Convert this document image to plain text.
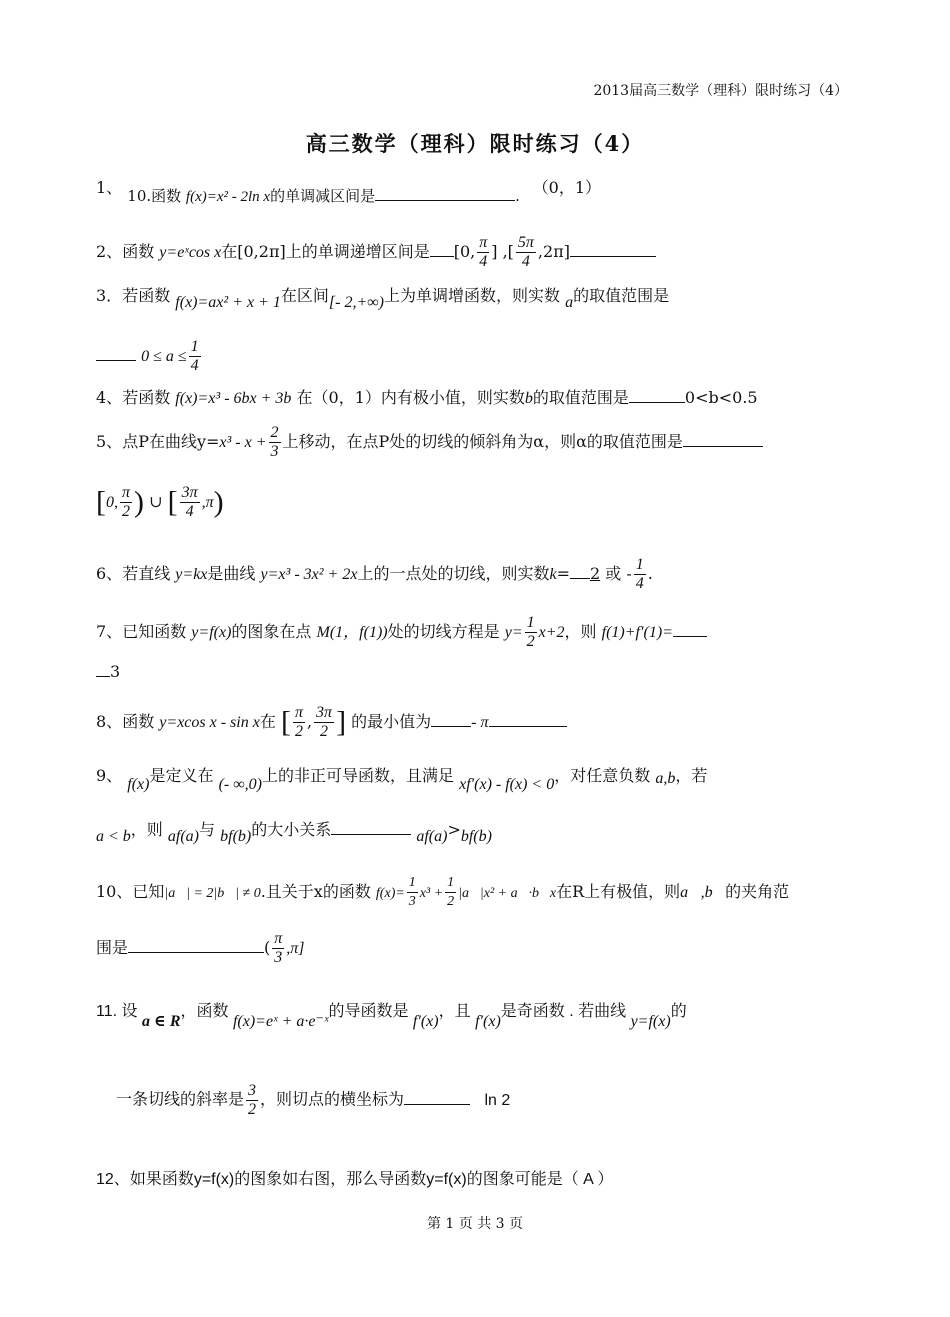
2013届高三数学（理科）限时练习（4）
高三数学（理科）限时练习（4）
1、 10.函数 f(x)=x² - 2ln x的单调减区间是	. （0，1）
2、函数 y=eˣcos x在[0,2π]上的单调递增区间是 [0, $\frac{\pi}{4}$ ] ,[ $\frac{5\pi}{4} ,2\pi$]
3．若函数 f(x)=ax² + x + 1在区间[- 2,+∞)上为单调增函数，则实数 a的取值范围是
$0 \le a \le \frac{1}{4}$
4、若函数 f(x)=x³ - 6bx + 3b 在（0，1）内有极小值，则实数b的取值范围是	0<b<0.5
5、点P在曲线$y=x^3 - x + \frac{2}{3}$ 上移动，在点P处的切线的倾斜角为α，则α的取值范围是
[0, $\frac{\pi}{2}$ ) ∪ [ $\frac{3\pi}{4} ,\pi$)
6、若直线 y=kx是曲线 y=x³ - 3x² + 2x上的一点处的切线，则实数k= 2 或 - $\frac{1}{4}$ .
7、已知函数 y=f(x)的图象在点 M(1，f(1))处的切线方程是 $y= \frac{1}{2} x+2$，则 f(1)+f′(1)=
3
8、函数 y=xcos x - sin x在 [ $\frac{\pi}{2}$ , $\frac{3\pi}{2}$ ] 的最小值为	- π
9、 f(x)是定义在 (- ∞,0)上的非正可导函数，且满足 xf′(x) - f(x) < 0，对任意负数 a,b，若
a < b，则 af(a)与 bf(b)的大小关系	af(a)>bf(b)
10、已知|a⃗| = 2|b⃗| ≠ 0.且关于x的函数 $f(x)= \frac{1}{3} x^3 + \frac{1}{2}$ |a⃗|x² + a⃗·b⃗x在R上有极值，则a⃗,b⃗的夹角范
围是	( $\frac{\pi}{3} ,\pi$]
11. 设 a ∈ R，函数 f(x)=eˣ + a·e⁻ˣ的导函数是 f′(x)，且 f′(x)是奇函数 . 若曲线 y=f(x)的
一条切线的斜率是 $\frac{3}{2}$ ，则切点的横坐标为	ln 2
12、如果函数y=f(x)的图象如右图，那么导函数y=f(x)的图象可能是（ A ）
第 1 页 共 3 页
